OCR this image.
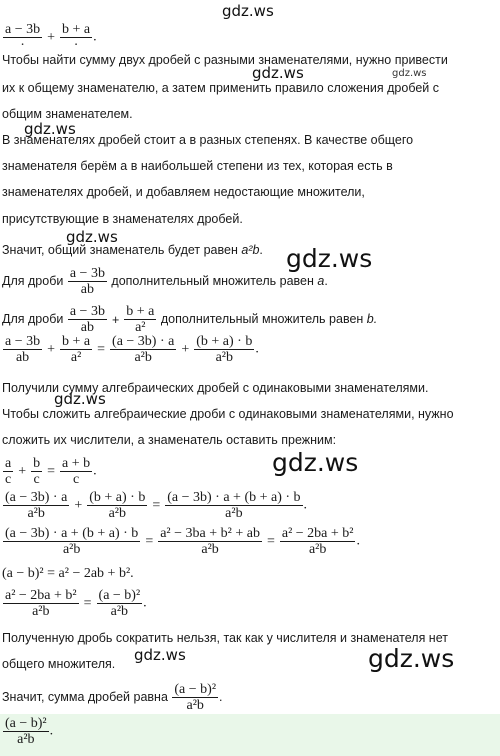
gdz.ws
gdz.ws	gdz.ws
gdz.ws
gdz.ws
gdz.ws
gdz.ws
gdz.ws
gdz.ws	gdz.ws
$\frac{a - 3b}{\cdot} + \frac{b + a}{\cdot}$ .
Чтобы найти сумму двух дробей с разными знаменателями, нужно привести
их к общему знаменателю, а затем применить правило сложения дробей с
общим знаменателем.
В знаменателях дробей стоит a в разных степенях. В качестве общего
знаменателя берём a в наибольшей степени из тех, которая есть в
знаменателях дробей, и добавляем недостающие множители,
присутствующие в знаменателях дробей.
Значит, общий знаменатель будет равен a²b.
Для дроби $\frac{a - 3b}{ab}$ дополнительный множитель равен a.
Для дроби $\frac{a - 3b}{ab} + \frac{b + a}{\text{a²}}$ дополнительный множитель равен b.
$\frac{a - 3b}{ab} + \frac{b + a}{\text{a²}} = \frac{(a - 3b) \cdot a}{\text{a²b}} + \frac{(b + a) \cdot b}{\text{a²b}}$ .
Получили сумму алгебраических дробей с одинаковыми знаменателями.
Чтобы сложить алгебраические дроби с одинаковыми знаменателями, нужно
сложить их числители, а знаменатель оставить прежним:
$\frac{a}{c} + \frac{b}{c} = \frac{a + b}{c}$ .
$\frac{(a - 3b) \cdot a}{\text{a²b}} + \frac{(b + a) \cdot b}{\text{a²b}} = \frac{(a - 3b) \cdot a + (b + a) \cdot b}{\text{a²b}}$ .
$\frac{(a - 3b) \cdot a + (b + a) \cdot b}{\text{a²b}} = \frac{\text{a² − 3ba + b² + ab}}{\text{a²b}} = \frac{\text{a² − 2ba + b²}}{\text{a²b}}$ .
(a − b)² = a² − 2ab + b².
$\frac{\text{a² − 2ba + b²}}{\text{a²b}} = \frac{\text{(a − b)²}}{\text{a²b}}$ .
Полученную дробь сократить нельзя, так как у числителя и знаменателя нет
общего множителя.
Значит, сумма дробей равна $\frac{\text{(a − b)²}}{\text{a²b}}$ .
$\frac{\text{(a − b)²}}{\text{a²b}}$ .
